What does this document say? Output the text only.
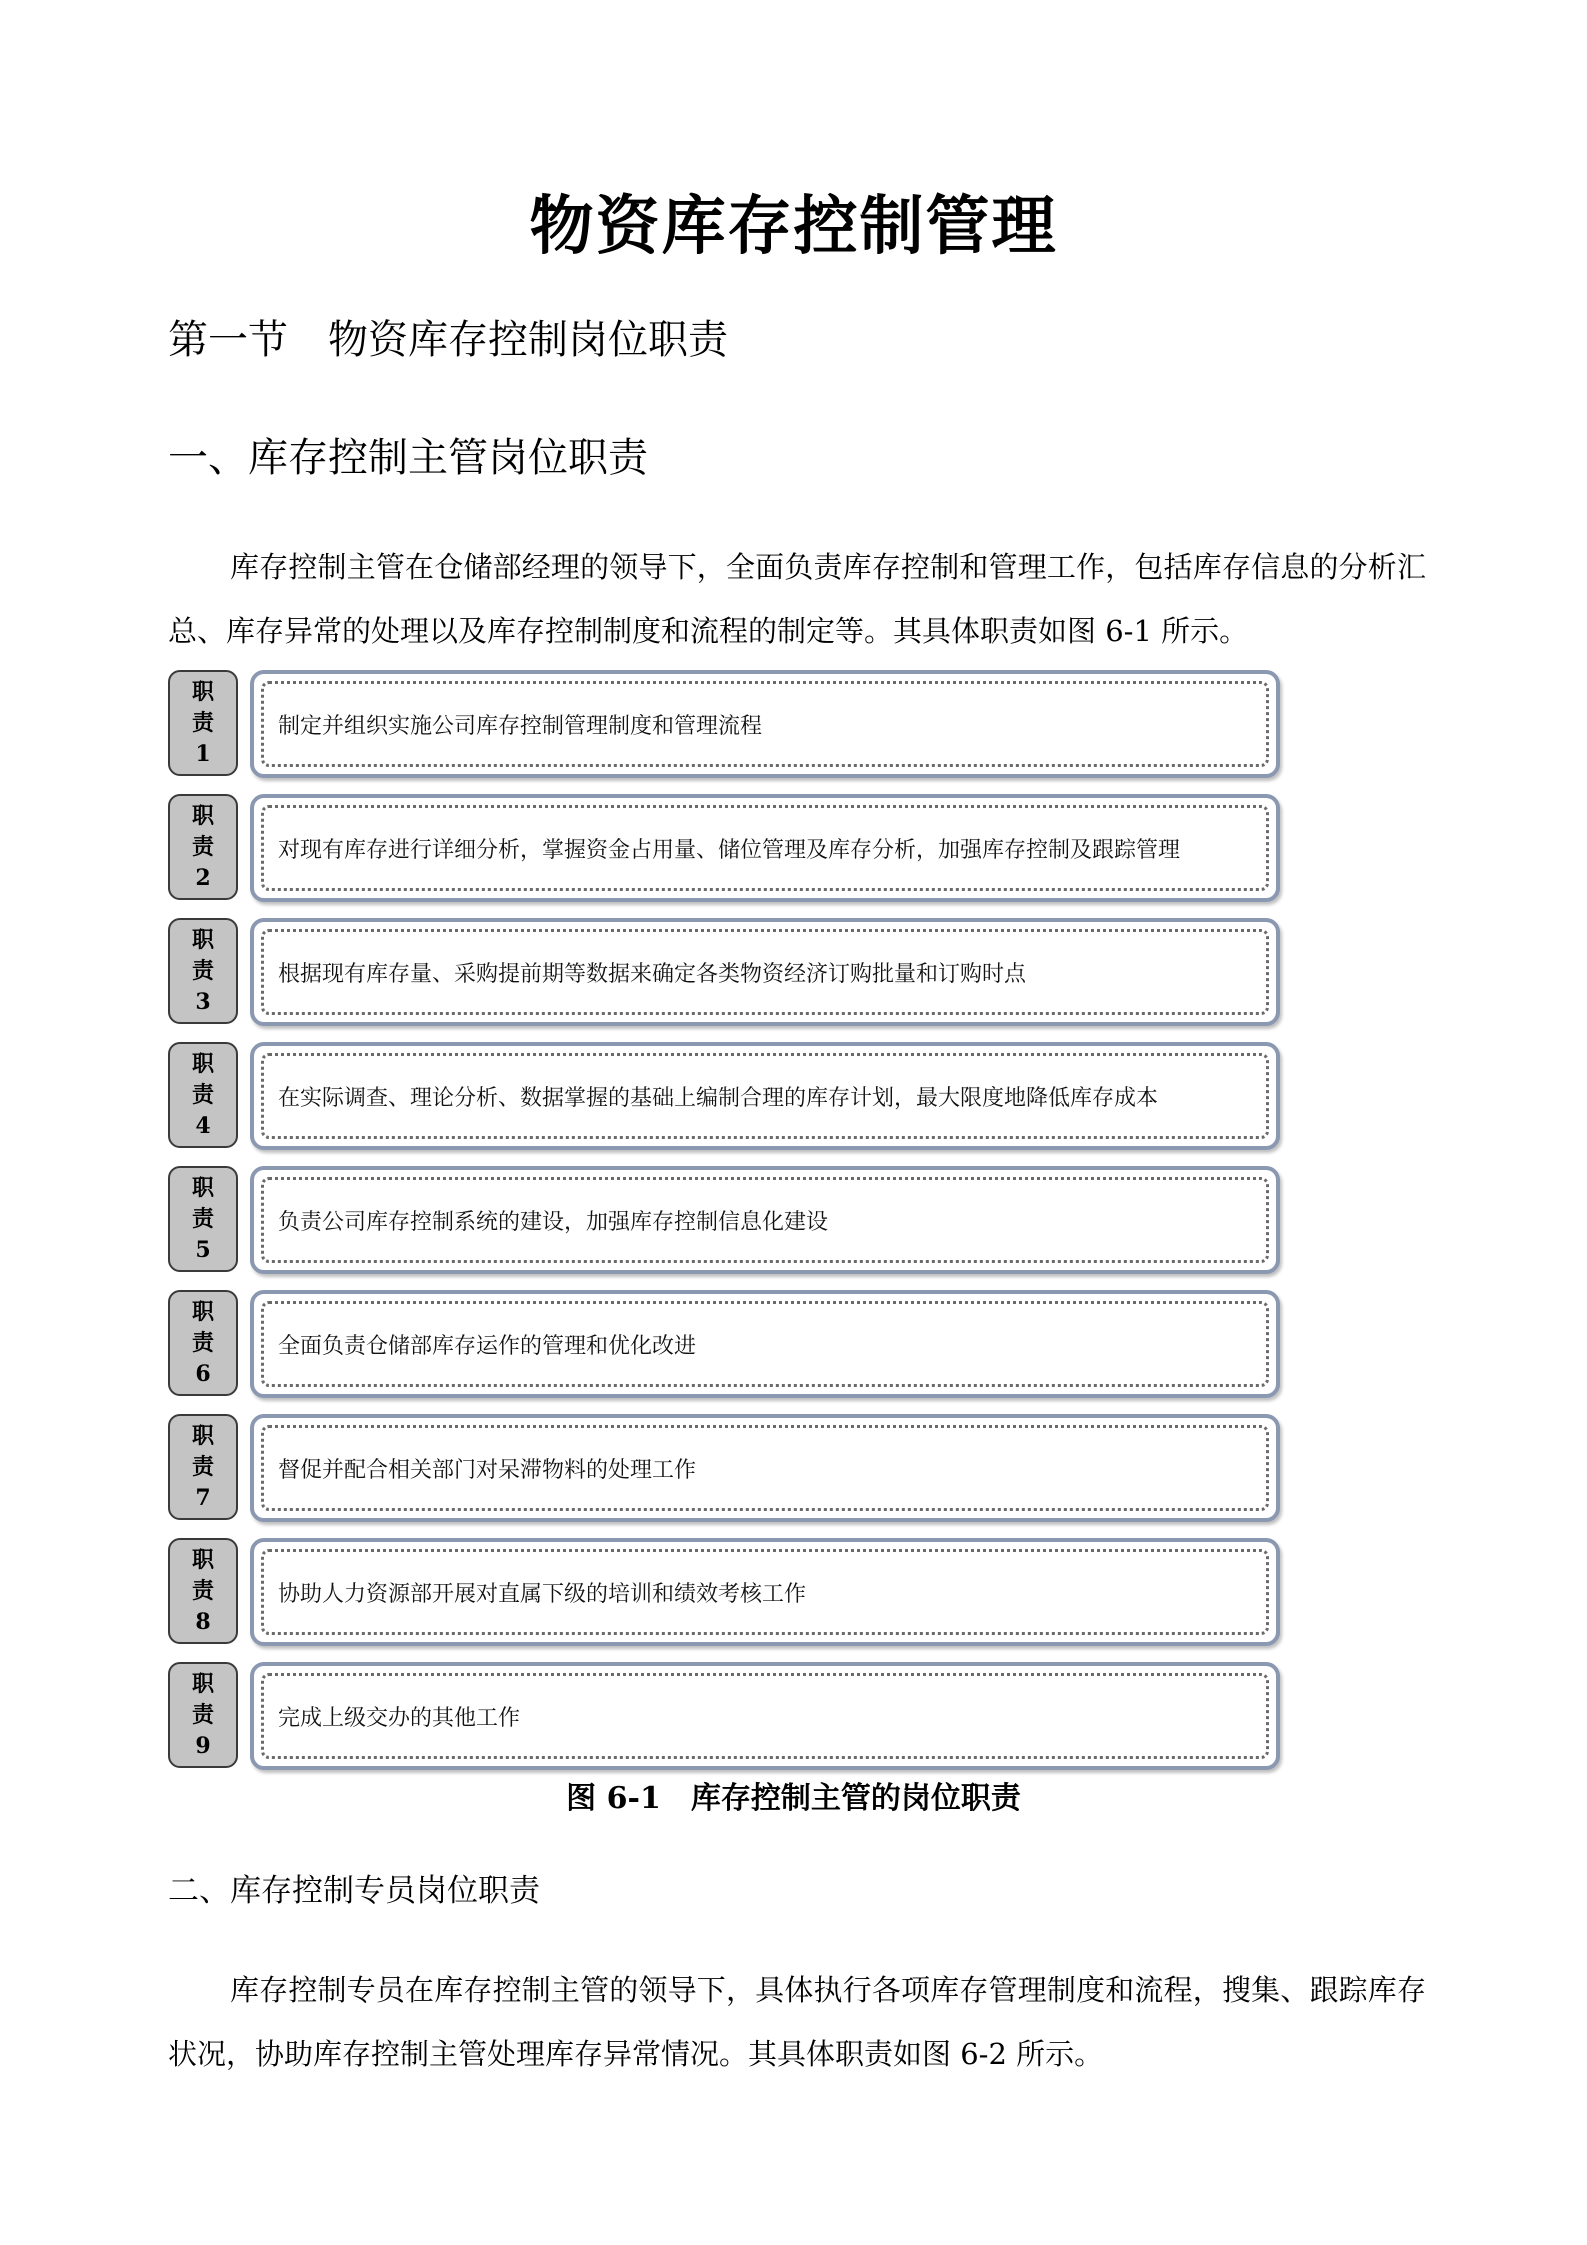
物资库存控制管理
第一节　物资库存控制岗位职责
一、库存控制主管岗位职责
库存控制主管在仓储部经理的领导下，全面负责库存控制和管理工作，包括库存信息的分析汇总、库存异常的处理以及库存控制制度和流程的制定等。其具体职责如图 6-1 所示。
职
责
1
制定并组织实施公司库存控制管理制度和管理流程
职
责
2
对现有库存进行详细分析，掌握资金占用量、储位管理及库存分析，加强库存控制及跟踪管理
职
责
3
根据现有库存量、采购提前期等数据来确定各类物资经济订购批量和订购时点
职
责
4
在实际调查、理论分析、数据掌握的基础上编制合理的库存计划，最大限度地降低库存成本
职
责
5
负责公司库存控制系统的建设，加强库存控制信息化建设
职
责
6
全面负责仓储部库存运作的管理和优化改进
职
责
7
督促并配合相关部门对呆滞物料的处理工作
职
责
8
协助人力资源部开展对直属下级的培训和绩效考核工作
职
责
9
完成上级交办的其他工作
图 6-1　库存控制主管的岗位职责
二、库存控制专员岗位职责
库存控制专员在库存控制主管的领导下，具体执行各项库存管理制度和流程，搜集、跟踪库存状况，协助库存控制主管处理库存异常情况。其具体职责如图 6-2 所示。
